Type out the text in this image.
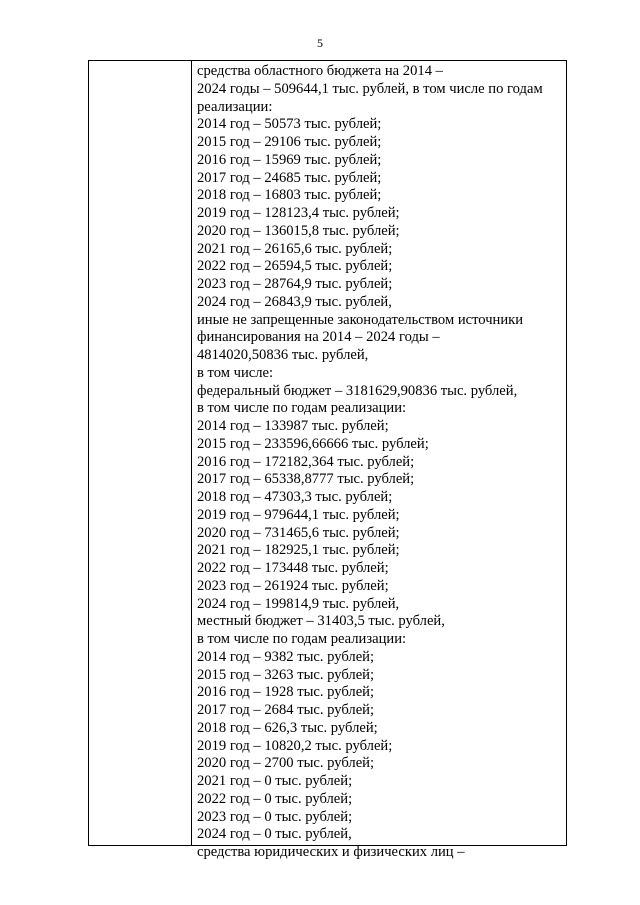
5
средства областного бюджета на 2014 –
2024 годы – 509644,1 тыс. рублей, в том числе по годам
реализации:
2014 год – 50573 тыс. рублей;
2015 год – 29106 тыс. рублей;
2016 год – 15969 тыс. рублей;
2017 год – 24685 тыс. рублей;
2018 год – 16803 тыс. рублей;
2019 год – 128123,4 тыс. рублей;
2020 год – 136015,8 тыс. рублей;
2021 год – 26165,6 тыс. рублей;
2022 год – 26594,5 тыс. рублей;
2023 год – 28764,9 тыс. рублей;
2024 год – 26843,9 тыс. рублей,
иные не запрещенные законодательством источники
финансирования на 2014 – 2024 годы –
4814020,50836 тыс. рублей,
в том числе:
федеральный бюджет – 3181629,90836 тыс. рублей,
в том числе по годам реализации:
2014 год – 133987 тыс. рублей;
2015 год – 233596,66666 тыс. рублей;
2016 год – 172182,364 тыс. рублей;
2017 год – 65338,8777 тыс. рублей;
2018 год – 47303,3 тыс. рублей;
2019 год – 979644,1 тыс. рублей;
2020 год – 731465,6 тыс. рублей;
2021 год – 182925,1 тыс. рублей;
2022 год – 173448 тыс. рублей;
2023 год – 261924 тыс. рублей;
2024 год – 199814,9 тыс. рублей,
местный бюджет – 31403,5 тыс. рублей,
в том числе по годам реализации:
2014 год – 9382 тыс. рублей;
2015 год – 3263 тыс. рублей;
2016 год – 1928 тыс. рублей;
2017 год – 2684 тыс. рублей;
2018 год – 626,3 тыс. рублей;
2019 год – 10820,2 тыс. рублей;
2020 год – 2700 тыс. рублей;
2021 год – 0 тыс. рублей;
2022 год – 0 тыс. рублей;
2023 год – 0 тыс. рублей;
2024 год – 0 тыс. рублей,
средства юридических и физических лиц –
